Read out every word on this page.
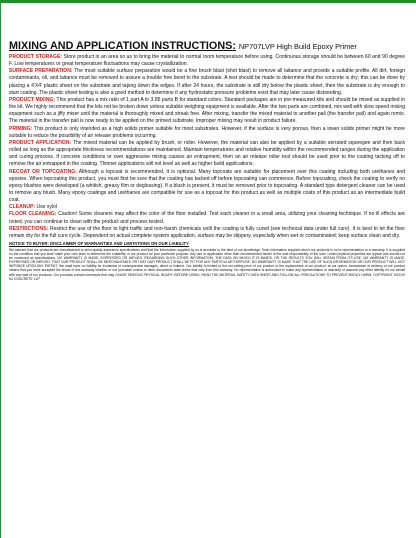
MIXING AND APPLICATION INSTRUCTIONS: NP707LVP High Build Epoxy Primer

PRODUCT STORAGE: Store product in an area so as to bring the material to normal room temperature before using. Continuous storage should be between 60 and 90 degree F. Low temperatures or great temperature fluctuations may cause crystallization.

SURFACE PREPARATION: The most suitable surface preparation would be a fine brush blast (shot blast) to remove all laitance and provide a suitable profile. All dirt, foreign contaminants, oil, and laitance must be removed to assure a trouble free bond to the substrate. A test should be made to determine that the concrete is dry; this can be done by placing a 4'X4' plastic sheet on the substrate and taping down the edges. If after 24 hours, the substrate is still dry below the plastic sheet, then the substrate is dry enough to start coating. The plastic sheet testing is also a good method to determine if any hydrostatic pressure problems exist that may later cause disbonding.

PRODUCT MIXING: This product has a mix ratio of 1 part A to 3.85 parts B for standard colors. Standard packages are in pre-measured kits and should be mixed as supplied in the kit. We highly recommend that the kits not be broken down unless suitable weighing equipment is available. After the two parts are combined, mix well with slow speed mixing equipment such as a jiffy mixer until the material is thoroughly mixed and streak free. After mixing, transfer the mixed material to another pail (the transfer pail) and again remix. The material in the transfer pail is now ready to be applied on the primed substrate. Improper mixing may result in product failure.

PRIMING: This product is only intended as a high solids primer suitable for most substrates. However, if the surface is very porous, then a lower solids primer might be more suitable to reduce the possibility of air release problems occurring.

PRODUCT APPLICATION: The mixed material can be applied by brush, or roller. However, the material can also be applied by a suitable serrated squeegee and then back rolled as long as the appropriate thickness recommendations are maintained. Maintain temperatures and relative humidity within the recommended ranges during the application and curing process. If concrete conditions or over aggressive mixing causes air entrapment, then an air release roller tool should be used prior to the coating tacking off to remove the air entrapped in the coating. Thinner applications will not level as well as higher build applications.

RECOAT OR TOPCOATING: Although a topcoat is recommended, it is optional. Many topcoats are suitable for placement over this coating including both urethanes and epoxies. When topcoating this product, you must first be sure that the coating has tacked off before topcoating can commence. Before topcoating, check the coating to verify no epoxy blushes were developed (a whitish, greasy film or deglossing). If a blush is present, it must be removed prior to topcoating. A standard type detergent cleaner can be used to remove any blush. Many epoxy coatings and urethanes are compatible for use as a topcoat for this product as well as multiple coats of this product as an intermediate build coat.

CLEANUP: Use xylol

FLOOR CLEANING: Caution! Some cleaners may affect the color of the floor installed. Test each cleaner in a small area, utilizing your cleaning technique. If no ill effects are noted, you can continue to clean with the product and process tested.

RESTRICTIONS: Restrict the use of the floor to light traffic and non-harsh chemicals until the coating is fully cured (see technical data under full cure). It is best to let the floor remain dry for the full cure cycle. Dependent on actual complete system application, surface may be slippery, especially when wet or contaminated; keep surface clean and dry.

NOTICE TO BUYER: DISCLAIMER OF WARRANTIES AND LIMITATIONS ON OUR LIABILITY

We warrant that our products are manufactured to strict quality assurance specifications and that the information supplied by us is accurate to the best of our knowledge. Such information supplied about our products is not a representation or a warranty. It is supplied on the condition that you shall make your own tests to determine the suitability of our product for your particular purpose. Any use or application other than recommended herein is the sole responsibility of the user. Listed physical properties are typical and should not be construed as specifications. NO WARRANTY IS MADE, EXPRESSED OR IMPLIED, REGARDING SUCH OTHER INFORMATION, THE DATA ON WHICH IT IS BASED, OR THE RESULTS YOU WILL OBTAIN FROM ITS USE. NO WARRANTY IS MADE, EXPRESSED OR IMPLIED, THAT OUR PRODUCT SHALL BE MERCHANTABLE OR THAT OUR PRODUCT SHALL BE FIT FOR ANY PARTICULAR PURPOSE. NO WARRANTY IS MADE THAT THE USE OF SUCH INFORMATION OR OUR PRODUCT WILL NOT INFRINGE UPON ANY PATENT. We shall have no liability for incidental or consequential damages, direct or indirect. Our liability is limited to the net selling price of our product or the replacement of our product, at our option. Acceptance of delivery of our product means that you have accepted the terms of this warranty whether or not purchase orders or other documents state terms that vary from this warranty. No representative is authorized to make any representation or warranty or assume any other liability on our behalf with any sale of our products. Our products contain chemicals that may CAUSE SERIOUS PHYSICAL INJURY. BEFORE USING, READ THE MATERIAL SAFETY DATA SHEET AND FOLLOW ALL PRECAUTIONS TO PREVENT BODILY HARM. COPYRIGHT 9/22/19 NJ CONCRETE LLP.
